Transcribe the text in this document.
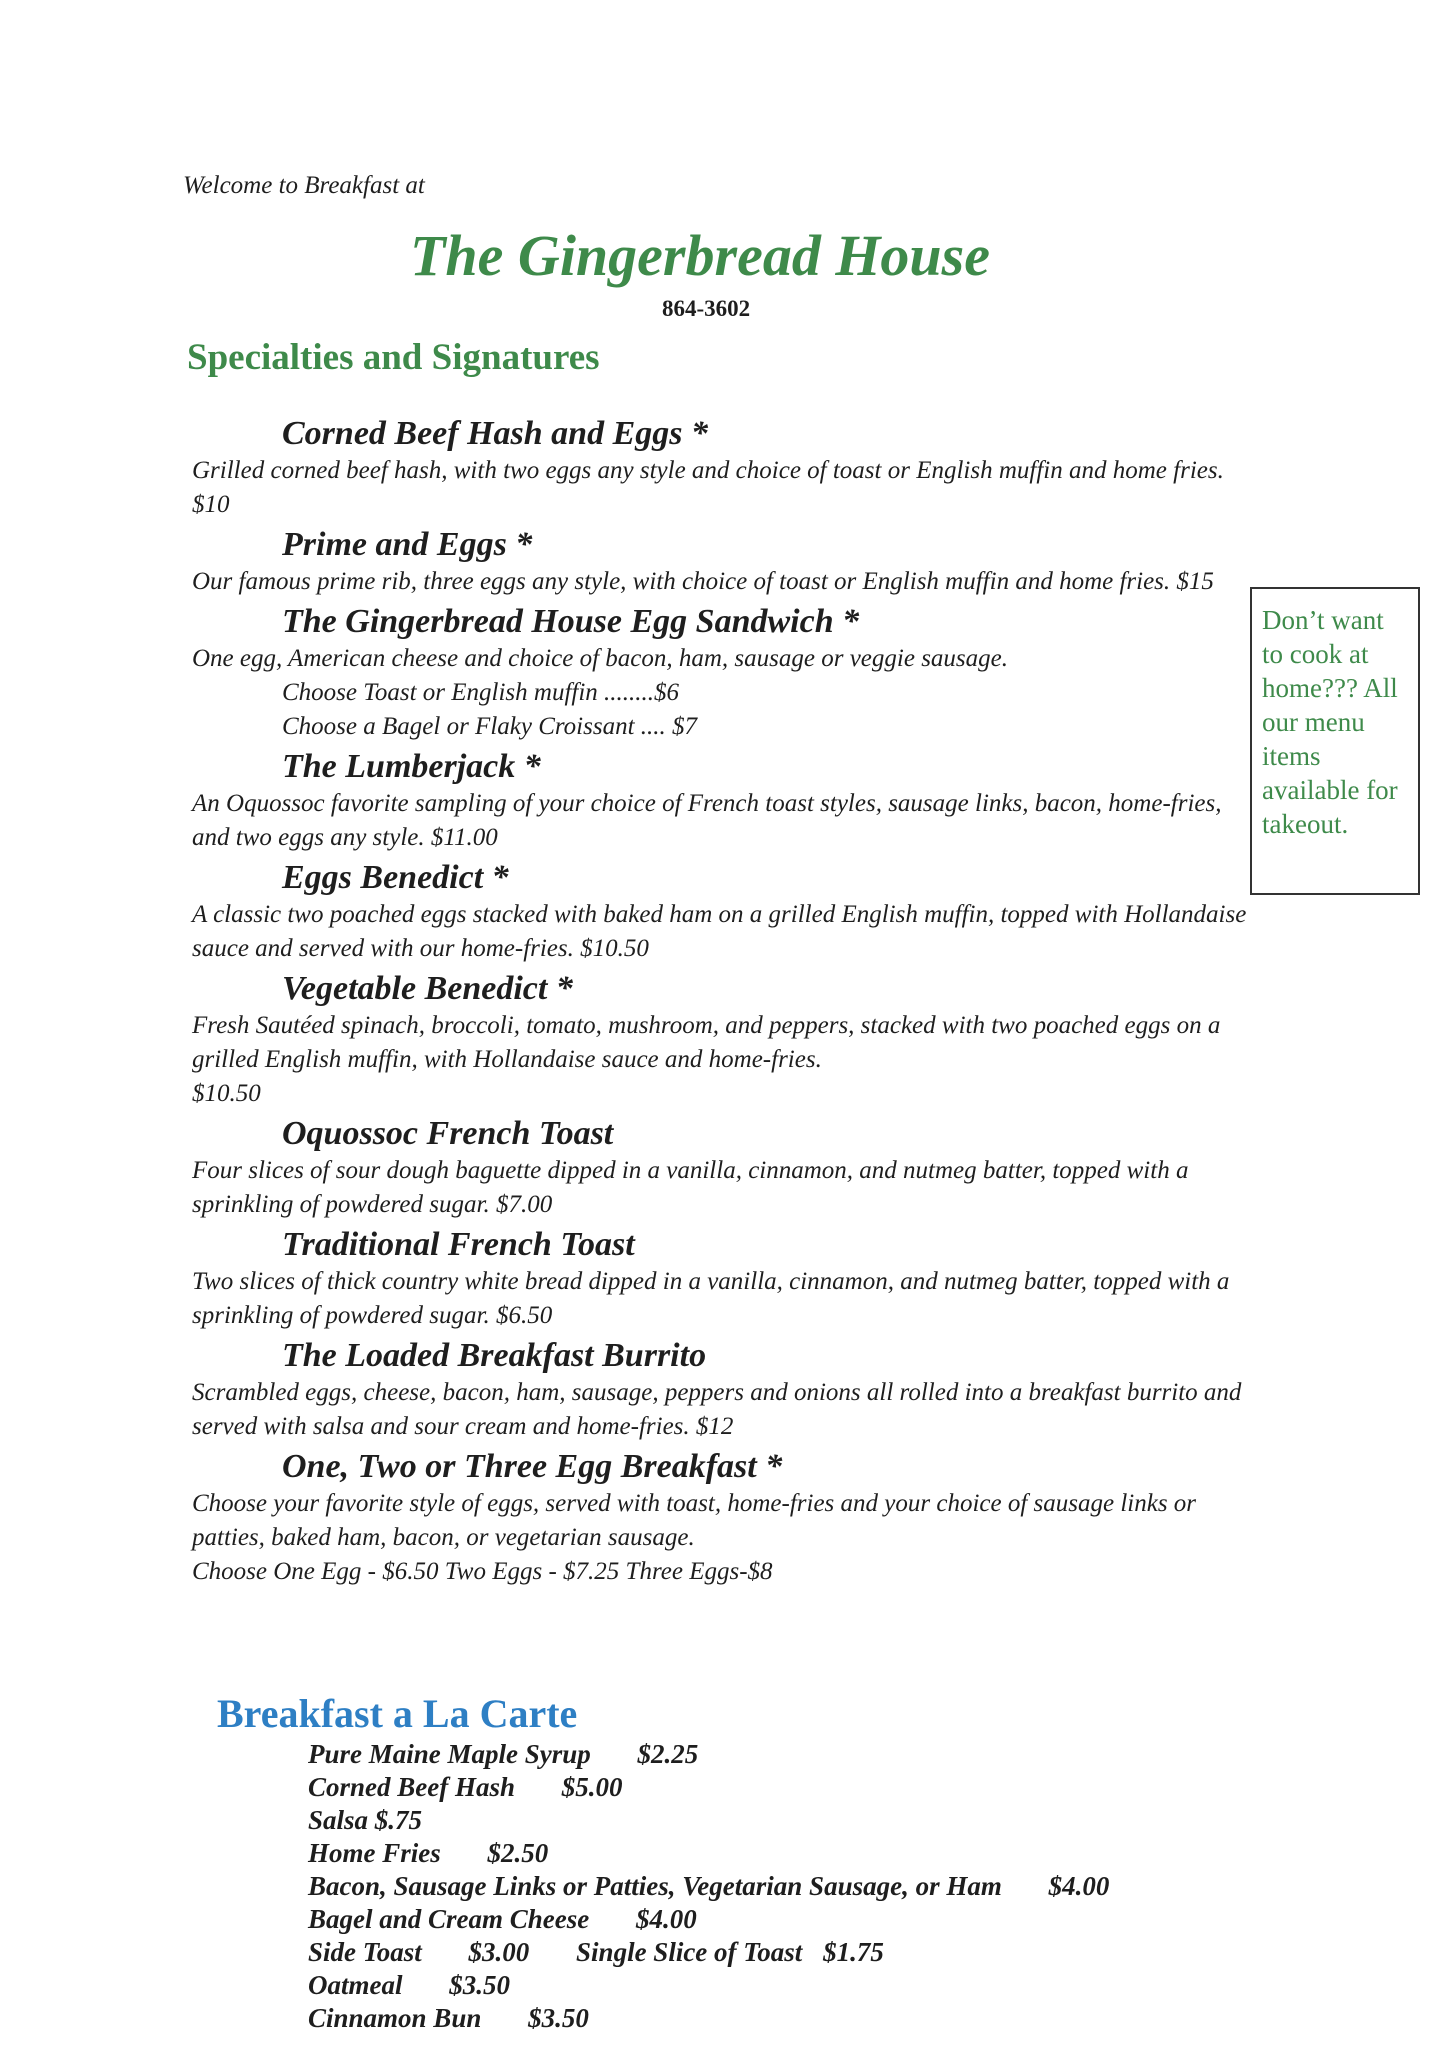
Welcome to Breakfast at
The Gingerbread House
864-3602
Specialties and Signatures
Corned Beef Hash and Eggs *
Grilled corned beef hash, with two eggs any style and choice of toast or English muffin and home fries. $10
Prime and Eggs *
Our famous prime rib, three eggs any style, with choice of toast or English muffin and home fries. $15
The Gingerbread House Egg Sandwich *
One egg, American cheese and choice of bacon, ham, sausage or veggie sausage.
Choose Toast or English muffin ........$6
Choose a Bagel or Flaky Croissant .... $7
The Lumberjack *
An Oquossoc favorite sampling of your choice of French toast styles, sausage links, bacon, home-fries, and two eggs any style. $11.00
Eggs Benedict *
A classic two poached eggs stacked with baked ham on a grilled English muffin, topped with Hollandaise sauce and served with our home-fries. $10.50
Vegetable Benedict *
Fresh Sautéed spinach, broccoli, tomato, mushroom, and peppers, stacked with two poached eggs on a grilled English muffin, with Hollandaise sauce and home-fries.
$10.50
Oquossoc French Toast
Four slices of sour dough baguette dipped in a vanilla, cinnamon, and nutmeg batter, topped with a sprinkling of powdered sugar. $7.00
Traditional French Toast
Two slices of thick country white bread dipped in a vanilla, cinnamon, and nutmeg batter, topped with a sprinkling of powdered sugar. $6.50
The Loaded Breakfast Burrito
Scrambled eggs, cheese, bacon, ham, sausage, peppers and onions all rolled into a breakfast burrito and served with salsa and sour cream and home-fries. $12
One, Two or Three Egg Breakfast *
Choose your favorite style of eggs, served with toast, home-fries and your choice of sausage links or patties, baked ham, bacon, or vegetarian sausage.
Choose One Egg - $6.50 Two Eggs - $7.25 Three Eggs-$8
Don’t want to cook at home??? All our menu items available for takeout.
Breakfast a La Carte
Pure Maine Maple Syrup $2.25
Corned Beef Hash $5.00
Salsa $.75
Home Fries $2.50
Bacon, Sausage Links or Patties, Vegetarian Sausage, or Ham $4.00
Bagel and Cream Cheese $4.00
Side Toast $3.00 Single Slice of Toast $1.75
Oatmeal $3.50
Cinnamon Bun $3.50
